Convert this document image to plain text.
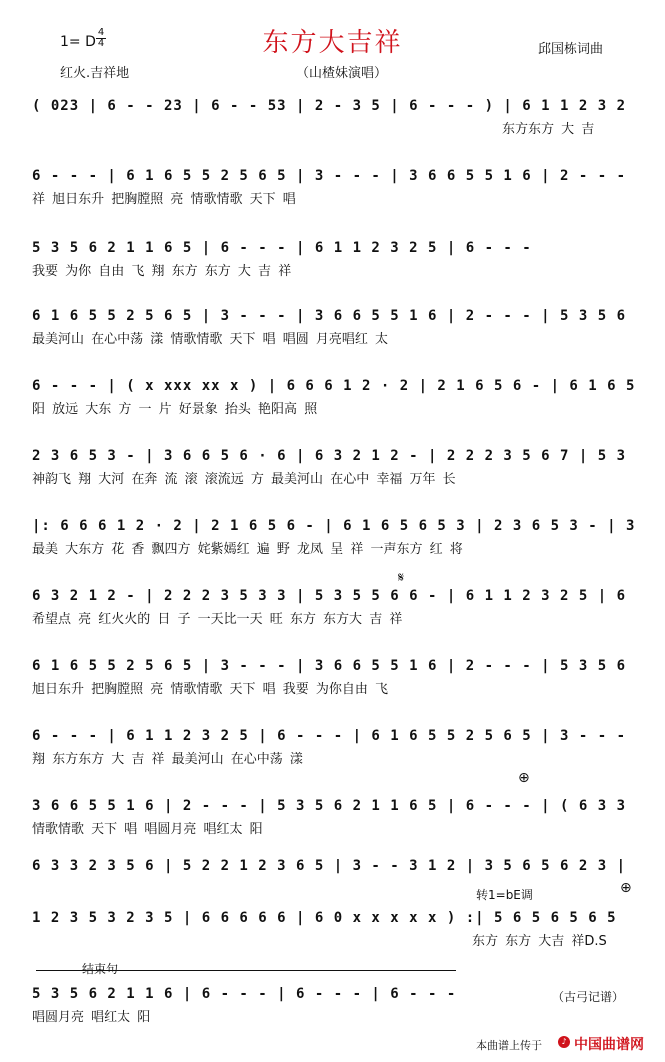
东方大吉祥
1= D
4
4	邱国栋词曲
红火.吉祥地	（山楂妹演唱）
( 023 | 6 - - 23 | 6 - - 53 | 2 - 3 5 | 6 - - - ) | 6 1 1 2 3 2
东方东方 大 吉
6 - - - | 6 1 6 5 5 2 5 6 5 | 3 - - - | 3 6 6 5 5 1 6 | 2 - - -
祥 旭日东升 把胸膛照 亮 情歌情歌 天下 唱
5 3 5 6 2 1 1 6 5 | 6 - - - | 6 1 1 2 3 2 5 | 6 - - -
我要 为你 自由 飞 翔 东方 东方 大 吉 祥
6 1 6 5 5 2 5 6 5 | 3 - - - | 3 6 6 5 5 1 6 | 2 - - - | 5 3 5 6
最美河山 在心中荡 漾 情歌情歌 天下 唱 唱圆 月亮唱红 太
6 - - - | ( x xxx xx x ) | 6 6 6 1 2 · 2 | 2 1 6 5 6 - | 6 1 6 5
阳 放远 大东 方 一 片 好景象 抬头 艳阳高 照
2 3 6 5 3 - | 3 6 6 5 6 · 6 | 6 3 2 1 2 - | 2 2 2 3 5 6 7 | 5 3
神韵飞 翔 大河 在奔 流 滚 滚流远 方 最美河山 在心中 幸福 万年 长
|: 6 6 6 1 2 · 2 | 2 1 6 5 6 - | 6 1 6 5 6 5 3 | 2 3 6 5 3 - | 3
最美 大东方 花 香 飘四方 姹紫嫣红 遍 野 龙凤 呈 祥 一声东方 红 将
𝄋
6 3 2 1 2 - | 2 2 2 3 5 3 3 | 5 3 5 5 6 6 - | 6 1 1 2 3 2 5 | 6
希望点 亮 红火火的 日 子 一天比一天 旺 东方 东方大 吉 祥
6 1 6 5 5 2 5 6 5 | 3 - - - | 3 6 6 5 5 1 6 | 2 - - - | 5 3 5 6
旭日东升 把胸膛照 亮 情歌情歌 天下 唱 我要 为你自由 飞
6 - - - | 6 1 1 2 3 2 5 | 6 - - - | 6 1 6 5 5 2 5 6 5 | 3 - - -
翔 东方东方 大 吉 祥 最美河山 在心中荡 漾
⊕
3 6 6 5 5 1 6 | 2 - - - | 5 3 5 6 2 1 1 6 5 | 6 - - - | ( 6 3 3
情歌情歌 天下 唱 唱圆月亮 唱红太 阳
6 3 3 2 3 5 6 | 5 2 2 1 2 3 6 5 | 3 - - 3 1 2 | 3 5 6 5 6 2 3 |
转1=bE调	⊕
1 2 3 5 3 2 3 5 | 6 6 6 6 6 | 6 0 x x x x x ) :| 5 6 5 6 5 6 5
东方 东方 大吉 祥D.S
结束句
5 3 5 6 2 1 1 6 | 6 - - - | 6 - - - | 6 - - -
唱圆月亮 唱红太 阳
（古弓记谱）
本曲谱上传于	♪ 中国曲谱网
